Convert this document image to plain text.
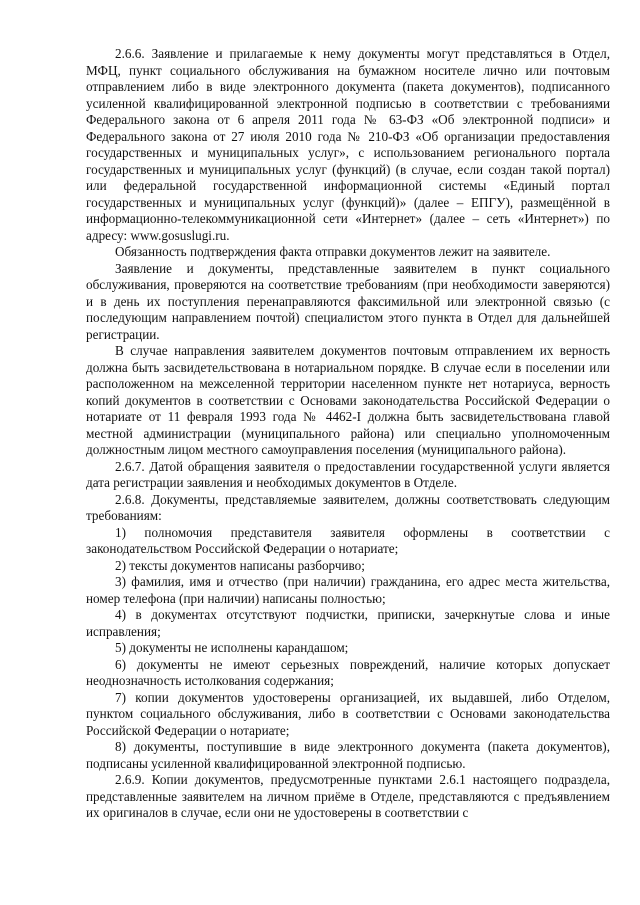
2.6.6. Заявление и прилагаемые к нему документы могут представляться в Отдел, МФЦ, пункт социального обслуживания на бумажном носителе лично или почтовым отправлением либо в виде электронного документа (пакета документов), подписанного усиленной квалифицированной электронной подписью в соответствии с требованиями Федерального закона от 6 апреля 2011 года № 63-ФЗ «Об электронной подписи» и Федерального закона от 27 июля 2010 года № 210-ФЗ «Об организации предоставления государственных и муниципальных услуг», с использованием регионального портала государственных и муниципальных услуг (функций) (в случае, если создан такой портал) или федеральной государственной информационной системы «Единый портал государственных и муниципальных услуг (функций)» (далее – ЕПГУ), размещённой в информационно-телекоммуникационной сети «Интернет» (далее – сеть «Интернет») по адресу: www.gosuslugi.ru.

Обязанность подтверждения факта отправки документов лежит на заявителе.

Заявление и документы, представленные заявителем в пункт социального обслуживания, проверяются на соответствие требованиям (при необходимости заверяются) и в день их поступления перенаправляются факсимильной или электронной связью (с последующим направлением почтой) специалистом этого пункта в Отдел для дальнейшей регистрации.

В случае направления заявителем документов почтовым отправлением их верность должна быть засвидетельствована в нотариальном порядке. В случае если в поселении или расположенном на межселенной территории населенном пункте нет нотариуса, верность копий документов в соответствии с Основами законодательства Российской Федерации о нотариате от 11 февраля 1993 года № 4462-I должна быть засвидетельствована главой местной администрации (муниципального района) или специально уполномоченным должностным лицом местного самоуправления поселения (муниципального района).

2.6.7. Датой обращения заявителя о предоставлении государственной услуги является дата регистрации заявления и необходимых документов в Отделе.

2.6.8. Документы, представляемые заявителем, должны соответствовать следующим требованиям:

1) полномочия представителя заявителя оформлены в соответствии с законодательством Российской Федерации о нотариате;

2) тексты документов написаны разборчиво;

3) фамилия, имя и отчество (при наличии) гражданина, его адрес места жительства, номер телефона (при наличии) написаны полностью;

4) в документах отсутствуют подчистки, приписки, зачеркнутые слова и иные исправления;

5) документы не исполнены карандашом;

6) документы не имеют серьезных повреждений, наличие которых допускает неоднозначность истолкования содержания;

7) копии документов удостоверены организацией, их выдавшей, либо Отделом, пунктом социального обслуживания, либо в соответствии с Основами законодательства Российской Федерации о нотариате;

8) документы, поступившие в виде электронного документа (пакета документов), подписаны усиленной квалифицированной электронной подписью.

2.6.9. Копии документов, предусмотренные пунктами 2.6.1 настоящего подраздела, представленные заявителем на личном приёме в Отделе, представляются с предъявлением их оригиналов в случае, если они не удостоверены в соответствии с
